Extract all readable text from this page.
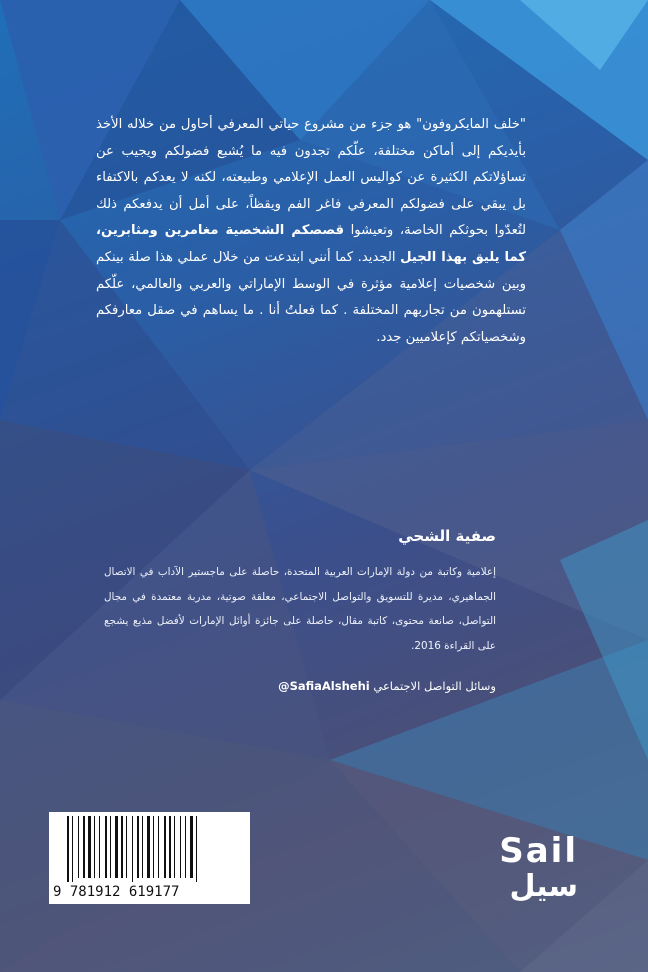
"خلف المايكروفون" هو جزء من مشروع حياتي المعرفي أحاول من خلاله الأخذ بأيديكم إلى أماكن مختلفة، علّكم تجدون فيه ما يُشبع فضولكم ويجيب عن تساؤلاتكم الكثيرة عن كواليس العمل الإعلامي وطبيعته، لكنه لا يعدكم بالاكتفاء بل يبقي على فضولكم المعرفي فاغر الفم ويقظاً، على أمل أن يدفعكم ذلك لتُعدّوا بحوثكم الخاصة، وتعيشوا قصصكم الشخصية مغامرين ومثابرين، كما يليق بهذا الجيل الجديد. كما أنني ابتدعت من خلال عملي هذا صلة بينكم وبين شخصيات إعلامية مؤثرة في الوسط الإماراتي والعربي والعالمي، علّكم تستلهمون من تجاربهم المختلفة . كما فعلتُ أنا . ما يساهم في صقل معارفكم وشخصياتكم كإعلاميين جدد.

صفية الشحي

إعلامية وكاتبة من دولة الإمارات العربية المتحدة، حاصلة على ماجستير الآداب في الاتصال الجماهيري، مديرة للتسويق والتواصل الاجتماعي، معلقة صوتية، مدربة معتمدة في مجال التواصل، صانعة محتوى، كاتبة مقال، حاصلة على جائزة أوائل الإمارات لأفضل مذيع يشجع على القراءة 2016.

وسائل التواصل الاجتماعي @SafiaAlshehi

9 781912 619177
Sail
سيل
